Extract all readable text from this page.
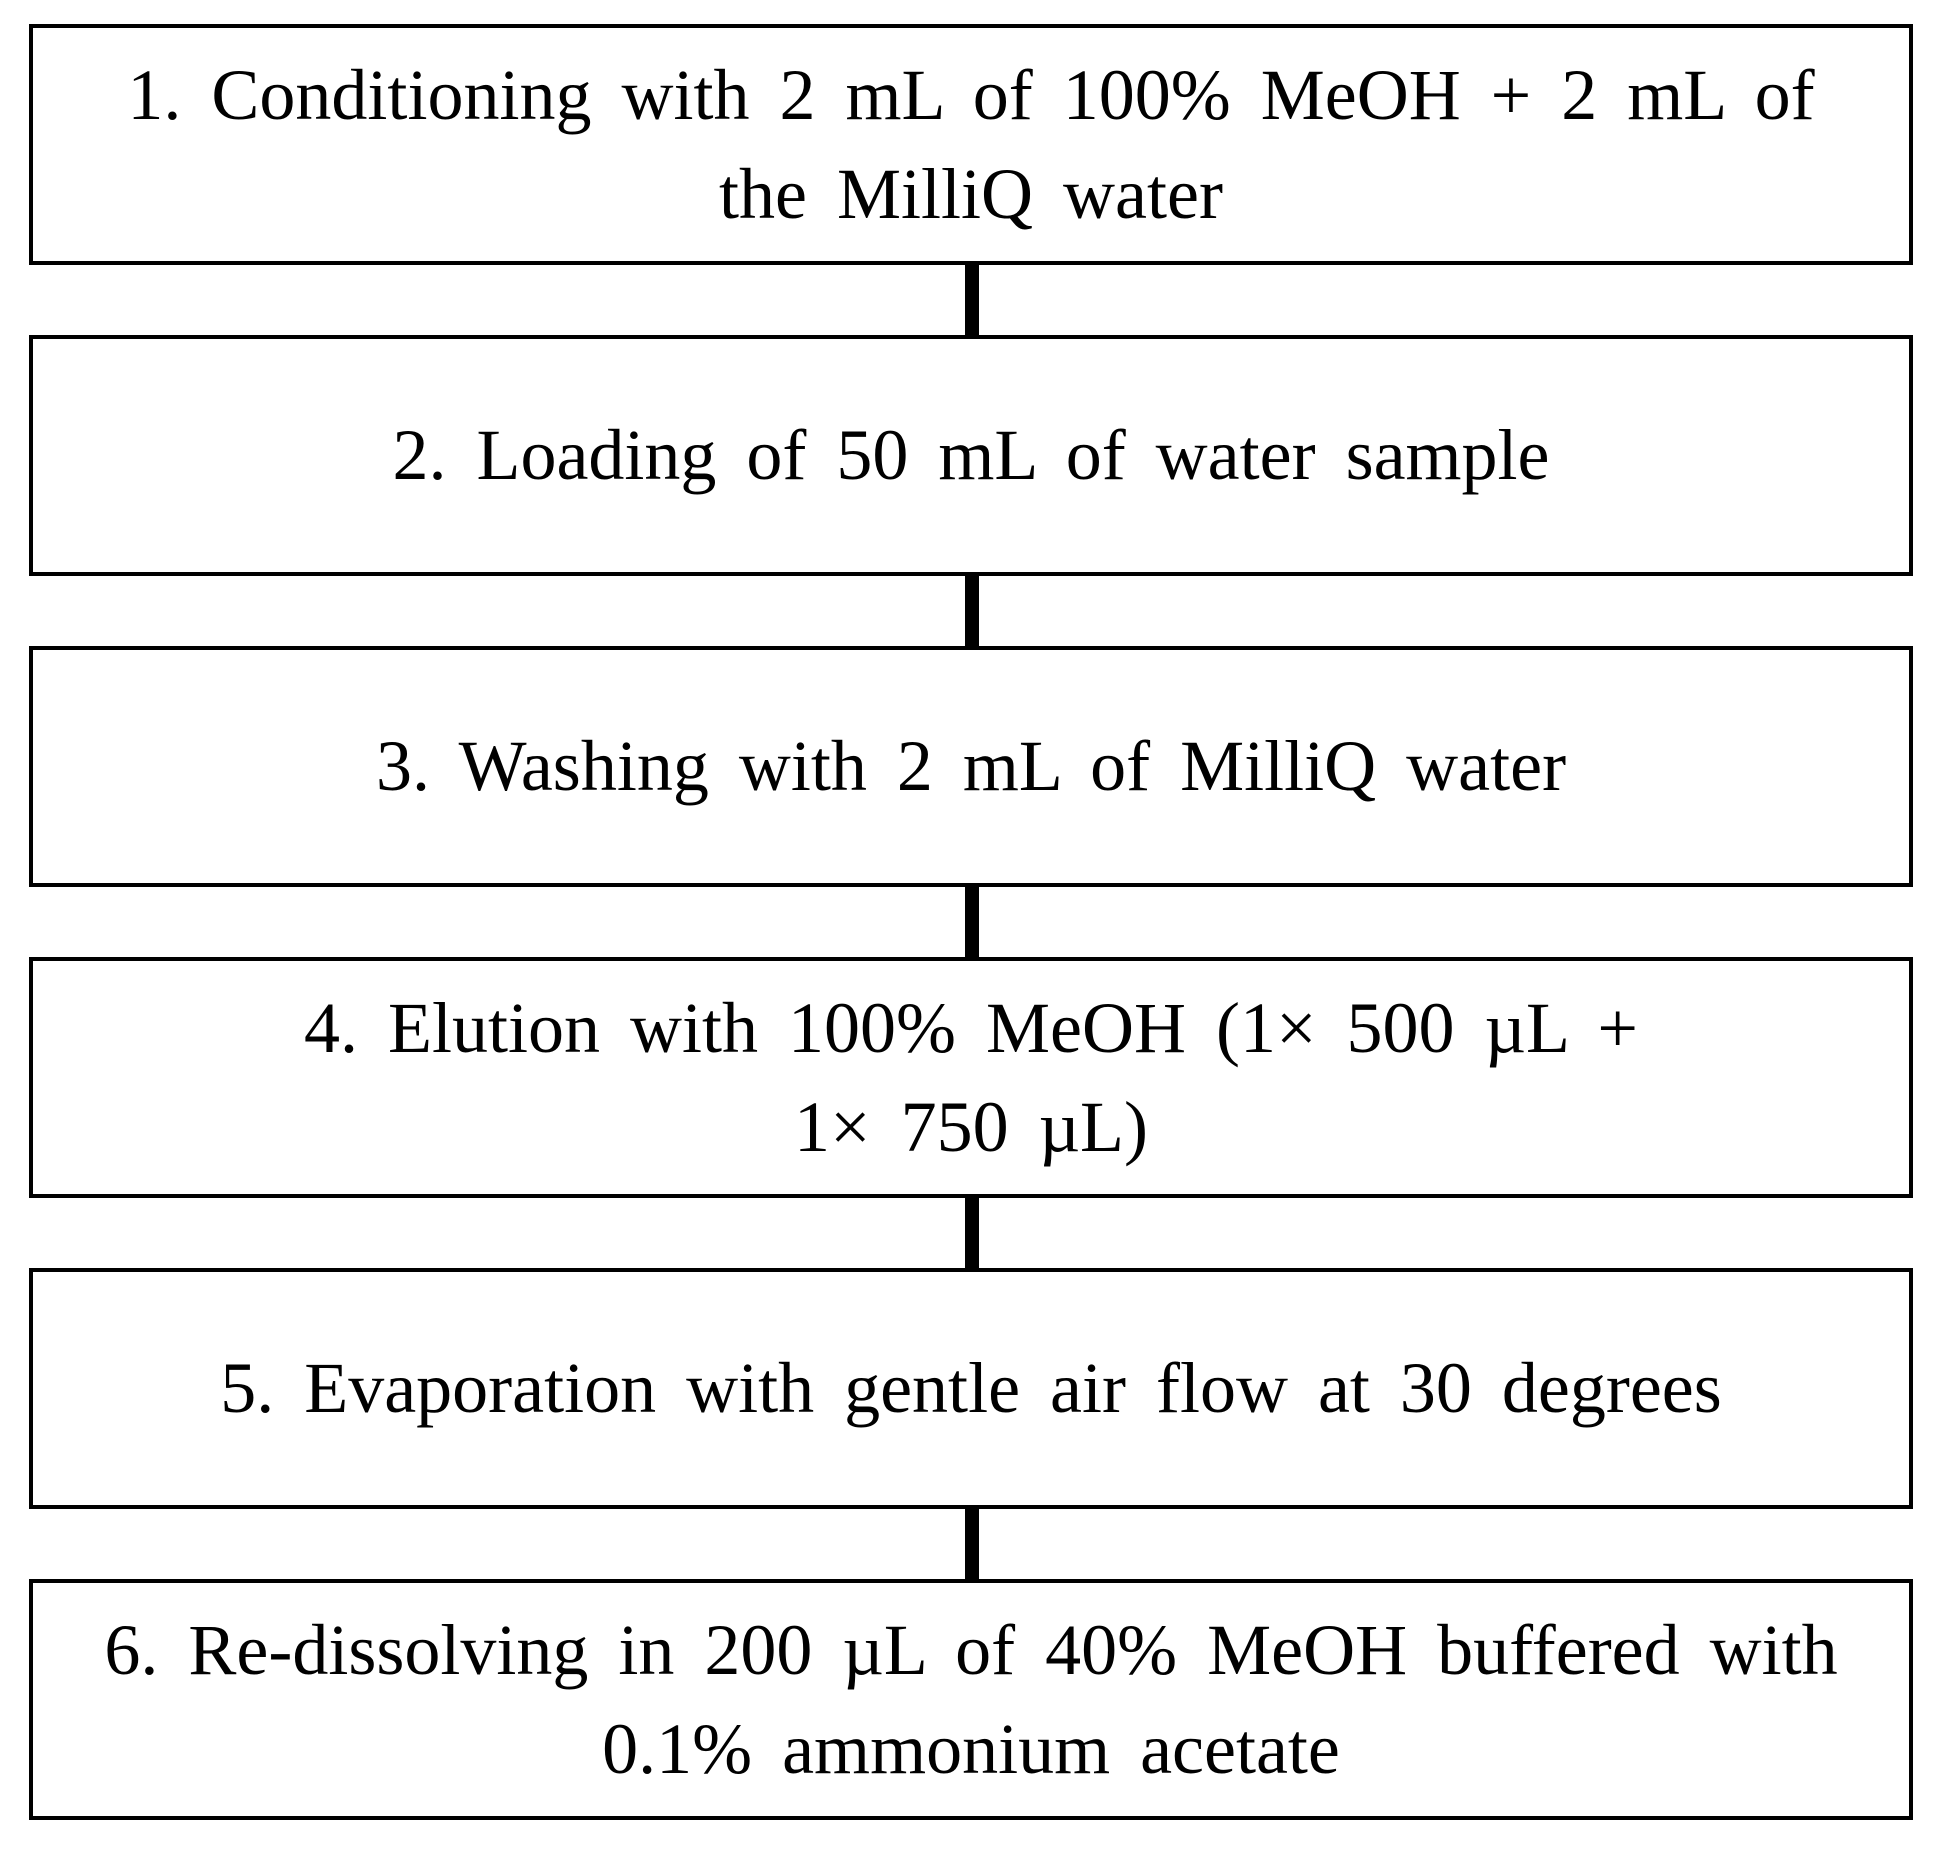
1. Conditioning with 2 mL of 100% MeOH + 2 mL of
the MilliQ water
2. Loading of 50 mL of water sample
3. Washing with 2 mL of MilliQ water
4. Elution with 100% MeOH (1× 500 µL +
1× 750 µL)
5. Evaporation with gentle air flow at 30 degrees
6. Re-dissolving in 200 µL of 40% MeOH buffered with
0.1% ammonium acetate
